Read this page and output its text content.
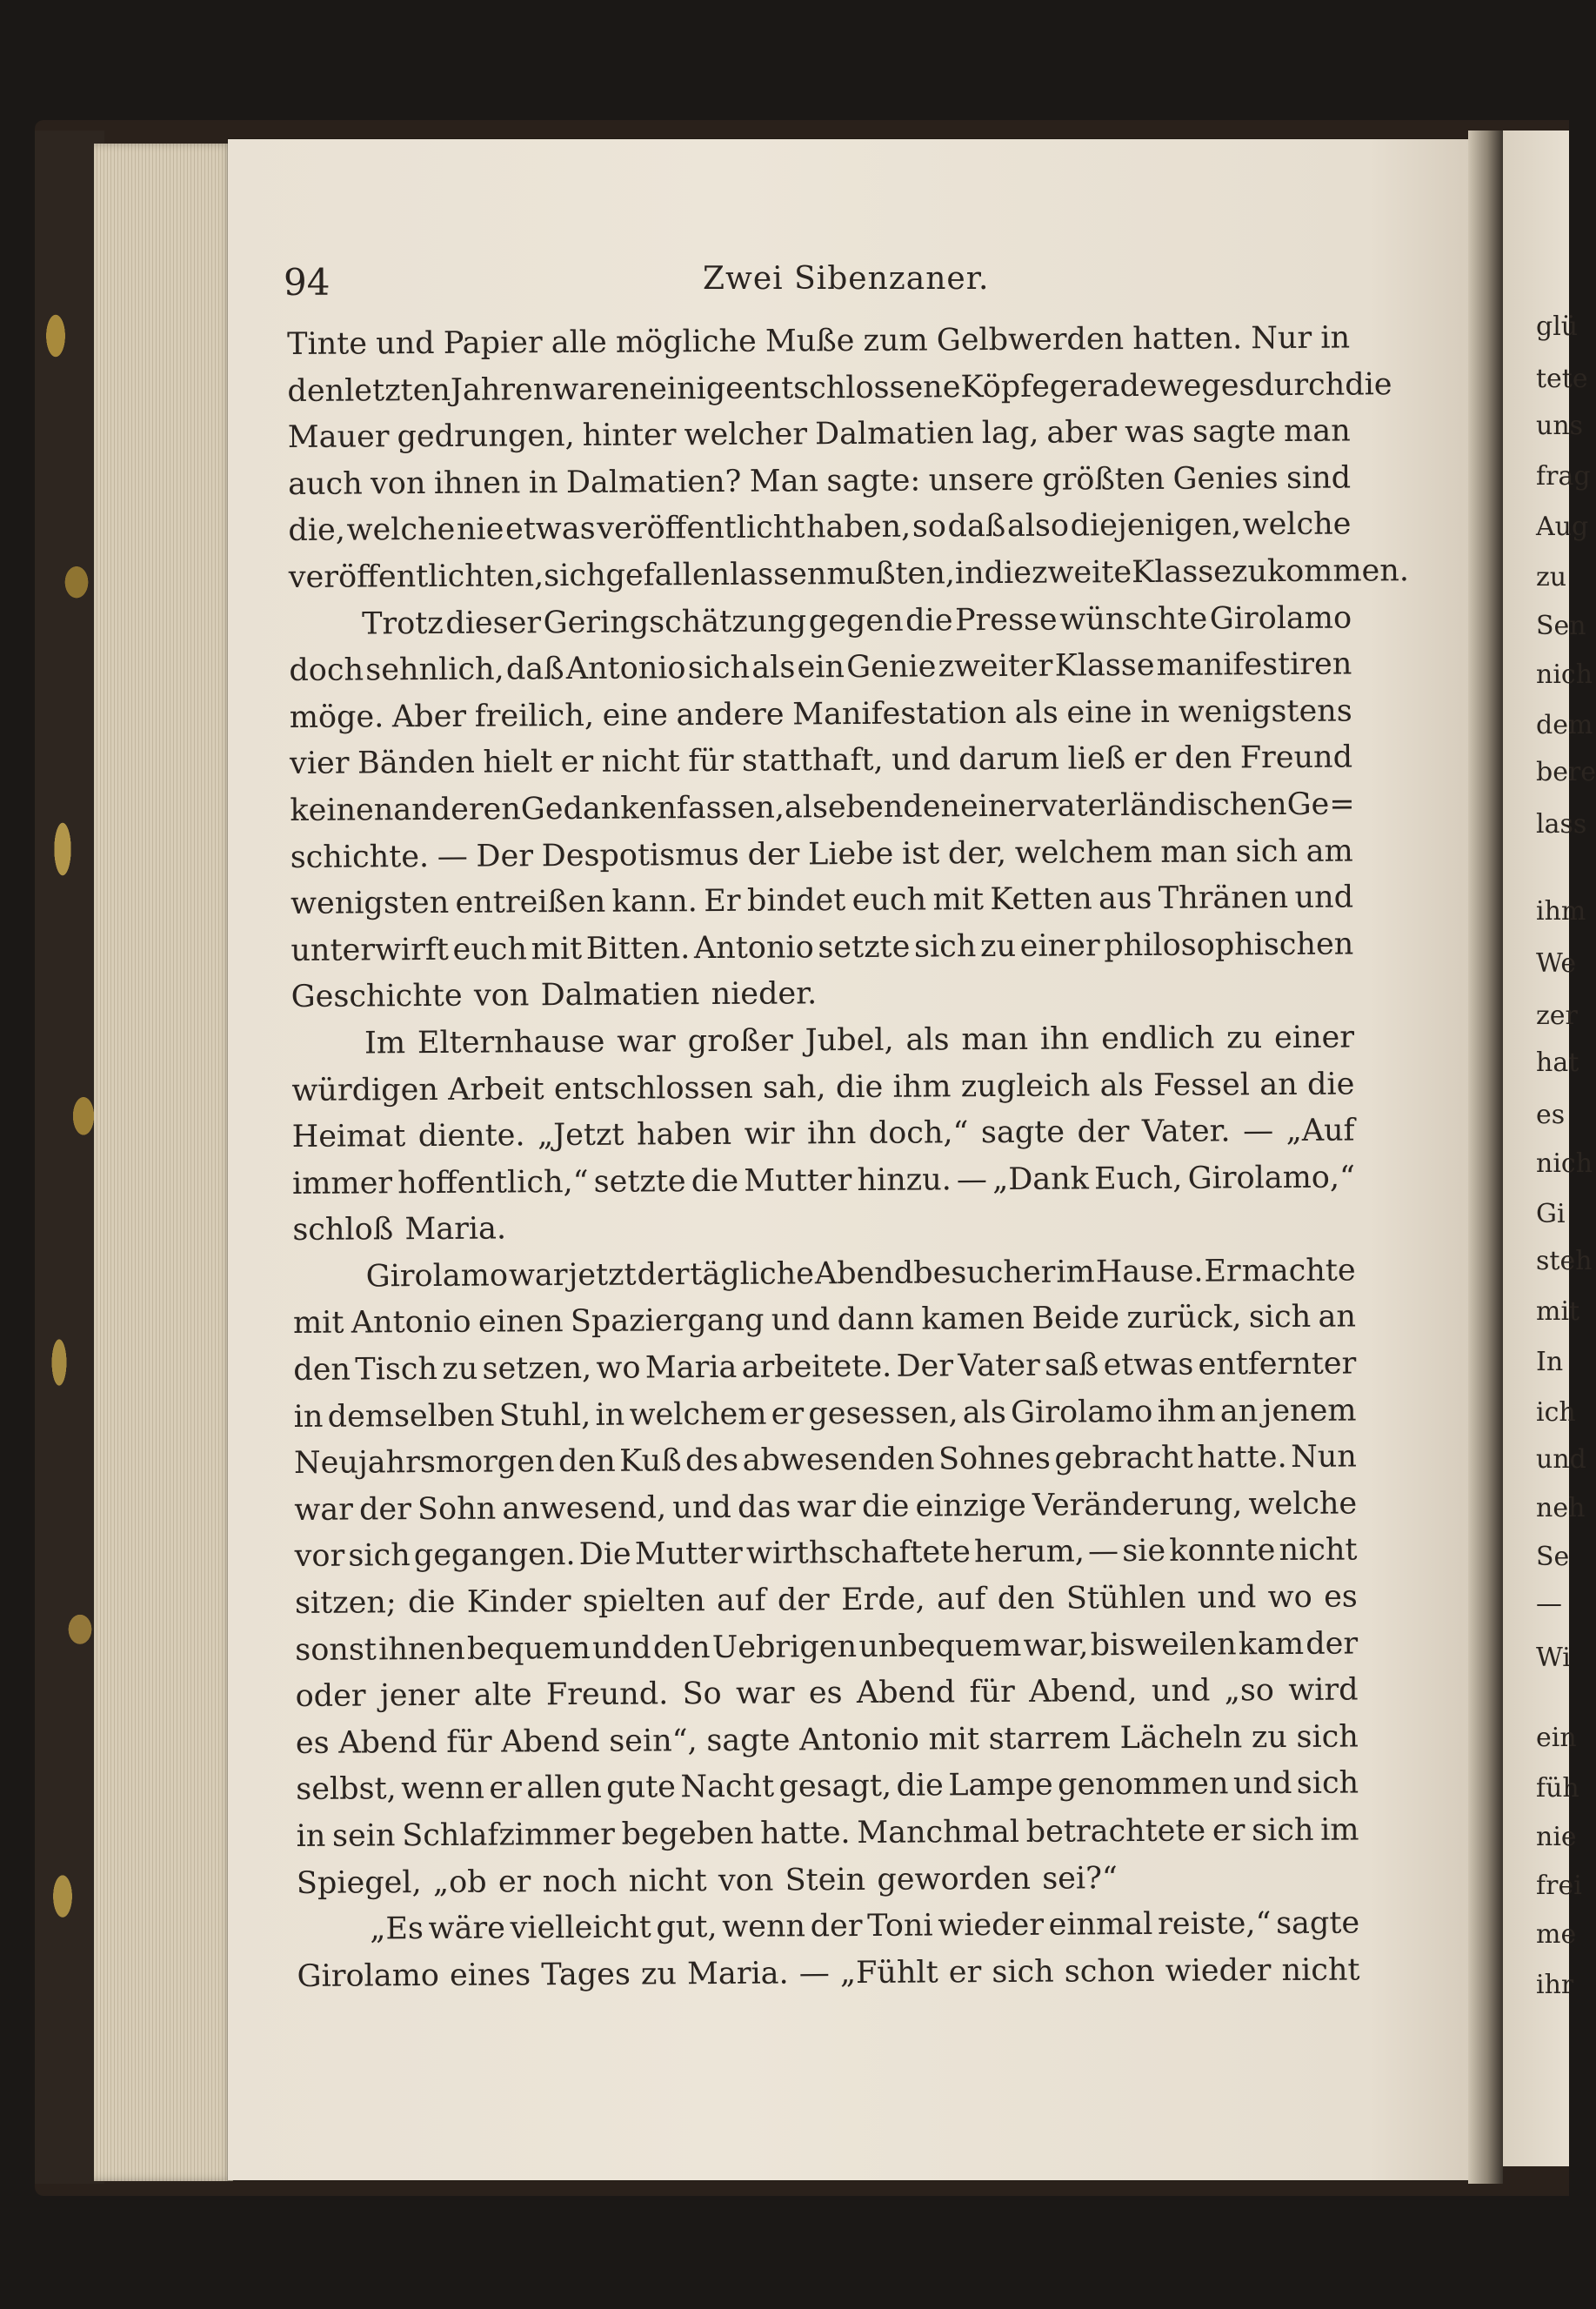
94	Zwei Sibenzaner.
Tinte und Papier alle mögliche Muße zum Gelbwerden hatten. Nur in
den letzten Jahren waren einige entschlossene Köpfe geradeweges durch die
Mauer gedrungen, hinter welcher Dalmatien lag, aber was sagte man
auch von ihnen in Dalmatien? Man sagte: unsere größten Genies sind
die, welche nie etwas veröffentlicht haben, so daß also diejenigen, welche
veröffentlichten, sich gefallen lassen mußten, in die zweite Klasse zu kommen.
Trotz dieser Geringschätzung gegen die Presse wünschte Girolamo
doch sehnlich, daß Antonio sich als ein Genie zweiter Klasse manifestiren
möge. Aber freilich, eine andere Manifestation als eine in wenigstens
vier Bänden hielt er nicht für statthaft, und darum ließ er den Freund
keinen anderen Gedanken fassen, als eben den einer vaterländischen Ge=
schichte. — Der Despotismus der Liebe ist der, welchem man sich am
wenigsten entreißen kann. Er bindet euch mit Ketten aus Thränen und
unterwirft euch mit Bitten. Antonio setzte sich zu einer philosophischen
Geschichte von Dalmatien nieder.
Im Elternhause war großer Jubel, als man ihn endlich zu einer
würdigen Arbeit entschlossen sah, die ihm zugleich als Fessel an die
Heimat diente. „Jetzt haben wir ihn doch,“ sagte der Vater. — „Auf
immer hoffentlich,“ setzte die Mutter hinzu. — „Dank Euch, Girolamo,“
schloß Maria.
Girolamo war jetzt der tägliche Abendbesucher im Hause. Er machte
mit Antonio einen Spaziergang und dann kamen Beide zurück, sich an
den Tisch zu setzen, wo Maria arbeitete. Der Vater saß etwas entfernter
in demselben Stuhl, in welchem er gesessen, als Girolamo ihm an jenem
Neujahrsmorgen den Kuß des abwesenden Sohnes gebracht hatte. Nun
war der Sohn anwesend, und das war die einzige Veränderung, welche
vor sich gegangen. Die Mutter wirthschaftete herum, — sie konnte nicht
sitzen; die Kinder spielten auf der Erde, auf den Stühlen und wo es
sonst ihnen bequem und den Uebrigen unbequem war, bisweilen kam der
oder jener alte Freund. So war es Abend für Abend, und „so wird
es Abend für Abend sein“, sagte Antonio mit starrem Lächeln zu sich
selbst, wenn er allen gute Nacht gesagt, die Lampe genommen und sich
in sein Schlafzimmer begeben hatte. Manchmal betrachtete er sich im
Spiegel, „ob er noch nicht von Stein geworden sei?“
„Es wäre vielleicht gut, wenn der Toni wieder einmal reiste,“ sagte
Girolamo eines Tages zu Maria. — „Fühlt er sich schon wieder nicht
glü
tete
uns
frag
Aug
zu
Sen
nich
dem
bere
lass
ihm
We
zer
hat
es
nich
Gi
steh
mit
In
ich
und
neh
Se
—
Wi
ein
füh
nie
frei
me
ihr
